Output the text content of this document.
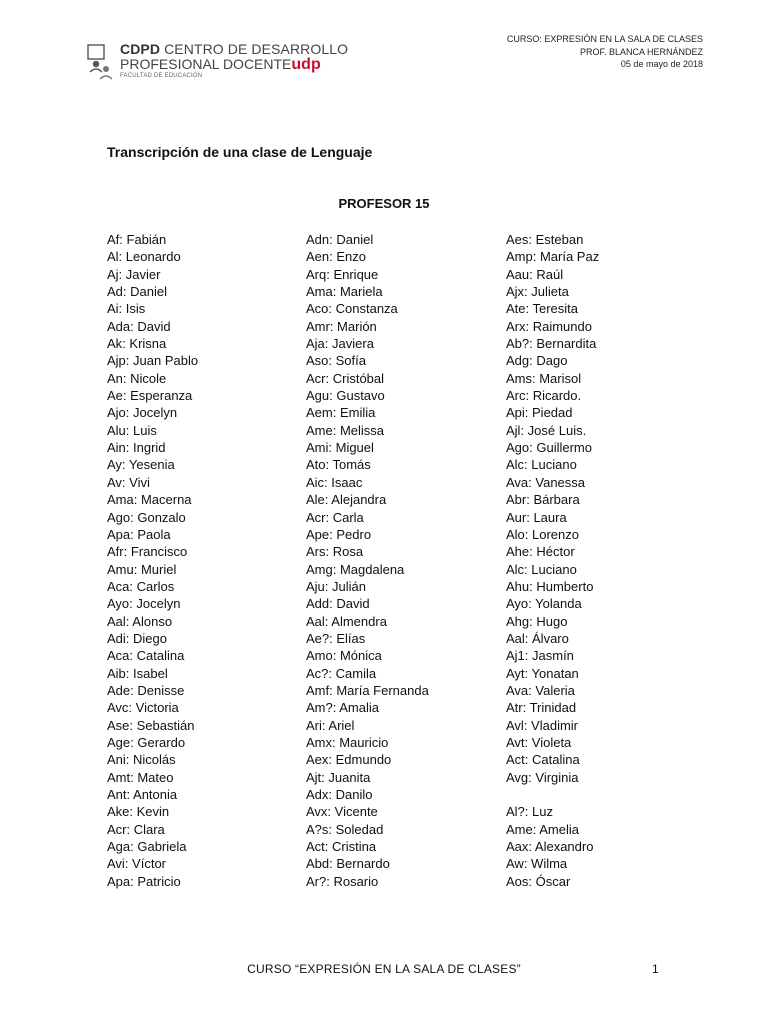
CDPD CENTRO DE DESARROLLO
PROFESIONAL DOCENTEudp
FACULTAD DE EDUCACIÓN
CURSO: EXPRESIÓN EN LA SALA DE CLASES
PROF. BLANCA HERNÁNDEZ
05 de mayo de 2018
Transcripción de una clase de Lenguaje
PROFESOR 15
Af: Fabián
Al: Leonardo
Aj: Javier
Ad: Daniel
Ai: Isis
Ada: David
Ak: Krisna
Ajp: Juan Pablo
An: Nicole
Ae: Esperanza
Ajo: Jocelyn
Alu: Luis
Ain: Ingrid
Ay: Yesenia
Av: Vivi
Ama: Macerna
Ago: Gonzalo
Apa: Paola
Afr: Francisco
Amu: Muriel
Aca: Carlos
Ayo: Jocelyn
Aal: Alonso
Adi: Diego
Aca: Catalina
Aib: Isabel
Ade: Denisse
Avc: Victoria
Ase: Sebastián
Age: Gerardo
Ani: Nicolás
Amt: Mateo
Ant: Antonia
Ake: Kevin
Acr: Clara
Aga: Gabriela
Avi: Víctor
Apa: Patricio
Adn: Daniel
Aen: Enzo
Arq: Enrique
Ama: Mariela
Aco: Constanza
Amr: Marión
Aja: Javiera
Aso: Sofía
Acr: Cristóbal
Agu: Gustavo
Aem: Emilia
Ame: Melissa
Ami: Miguel
Ato: Tomás
Aic: Isaac
Ale: Alejandra
Acr: Carla
Ape: Pedro
Ars: Rosa
Amg: Magdalena
Aju: Julián
Add: David
Aal: Almendra
Ae?: Elías
Amo: Mónica
Ac?: Camila
Amf: María Fernanda
Am?: Amalia
Ari: Ariel
Amx: Mauricio
Aex: Edmundo
Ajt: Juanita
Adx: Danilo
Avx: Vicente
A?s: Soledad
Act: Cristina
Abd: Bernardo
Ar?: Rosario
Aes: Esteban
Amp: María Paz
Aau: Raúl
Ajx: Julieta
Ate: Teresita
Arx: Raimundo
Ab?: Bernardita
Adg: Dago
Ams: Marisol
Arc: Ricardo.
Api: Piedad
Ajl: José Luis.
Ago: Guillermo
Alc: Luciano
Ava: Vanessa
Abr: Bárbara
Aur: Laura
Alo: Lorenzo
Ahe: Héctor
Alc: Luciano
Ahu: Humberto
Ayo: Yolanda
Ahg: Hugo
Aal: Álvaro
Aj1: Jasmín
Ayt: Yonatan
Ava: Valeria
Atr: Trinidad
Avl: Vladimir
Avt: Violeta
Act: Catalina
Avg: Virginia
Al?: Luz
Ame: Amelia
Aax: Alexandro
Aw: Wilma
Aos: Óscar
CURSO “EXPRESIÓN EN LA SALA DE CLASES”	1
